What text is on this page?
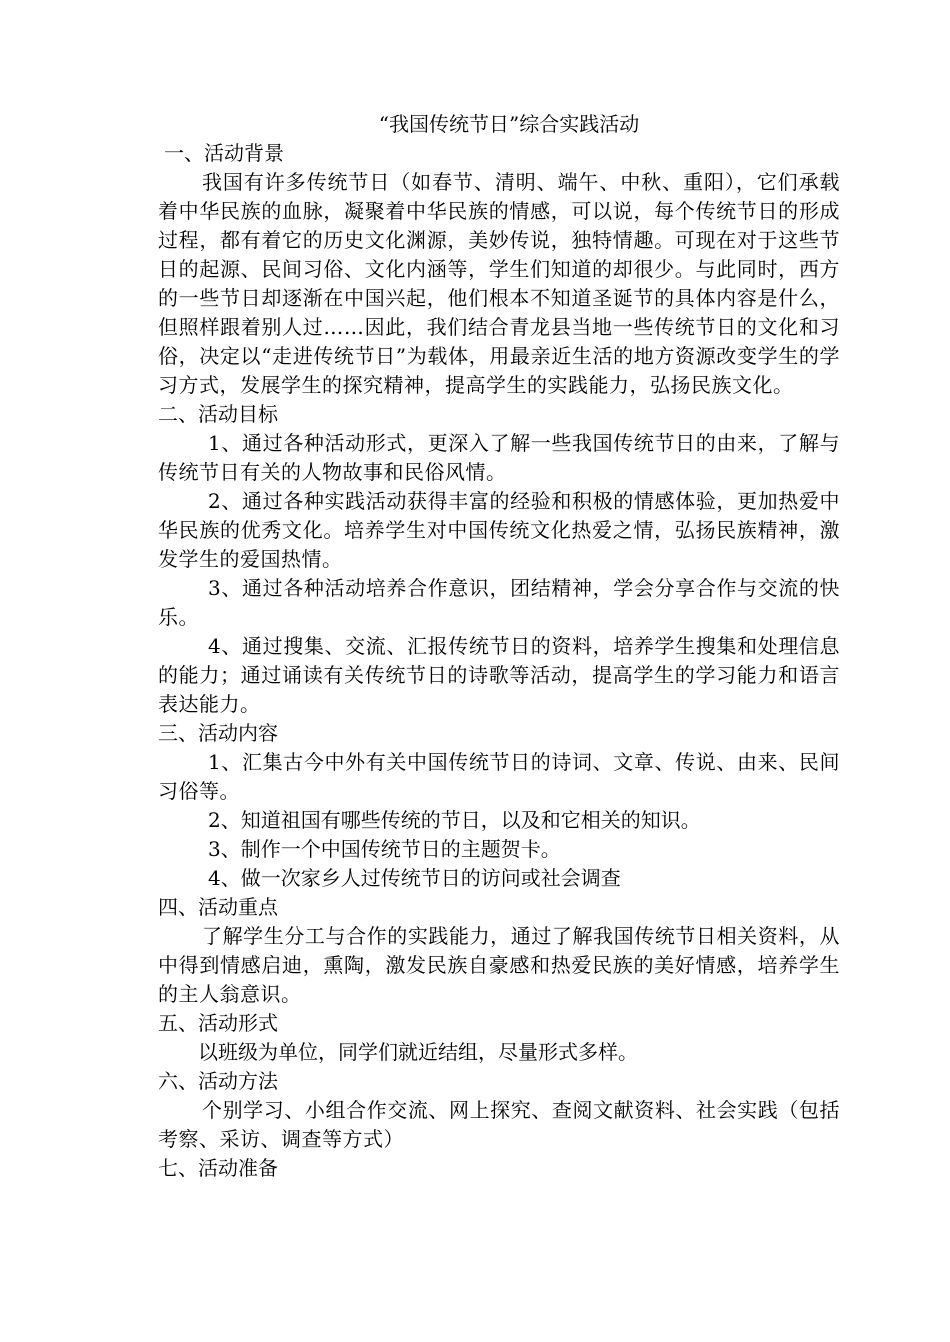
“我国传统节日”综合实践活动
一、活动背景
我国有许多传统节日（如春节、清明、端午、中秋、重阳），它们承载着中华民族的血脉，凝聚着中华民族的情感，可以说，每个传统节日的形成过程，都有着它的历史文化渊源，美妙传说，独特情趣。可现在对于这些节日的起源、民间习俗、文化内涵等，学生们知道的却很少。与此同时，西方的一些节日却逐渐在中国兴起，他们根本不知道圣诞节的具体内容是什么，但照样跟着别人过……因此，我们结合青龙县当地一些传统节日的文化和习俗，决定以“走进传统节日”为载体，用最亲近生活的地方资源改变学生的学习方式，发展学生的探究精神，提高学生的实践能力，弘扬民族文化。
二、活动目标
1、通过各种活动形式，更深入了解一些我国传统节日的由来，了解与传统节日有关的人物故事和民俗风情。
2、通过各种实践活动获得丰富的经验和积极的情感体验，更加热爱中华民族的优秀文化。培养学生对中国传统文化热爱之情，弘扬民族精神，激发学生的爱国热情。
3、通过各种活动培养合作意识，团结精神，学会分享合作与交流的快乐。
4、通过搜集、交流、汇报传统节日的资料，培养学生搜集和处理信息的能力；通过诵读有关传统节日的诗歌等活动，提高学生的学习能力和语言表达能力。
三、活动内容
1、汇集古今中外有关中国传统节日的诗词、文章、传说、由来、民间习俗等。
2、知道祖国有哪些传统的节日，以及和它相关的知识。
3、制作一个中国传统节日的主题贺卡。
4、做一次家乡人过传统节日的访问或社会调查
四、活动重点
了解学生分工与合作的实践能力，通过了解我国传统节日相关资料，从中得到情感启迪，熏陶，激发民族自豪感和热爱民族的美好情感，培养学生的主人翁意识。
五、活动形式
以班级为单位，同学们就近结组，尽量形式多样。
六、活动方法
个别学习、小组合作交流、网上探究、查阅文献资料、社会实践（包括考察、采访、调查等方式）
七、活动准备
